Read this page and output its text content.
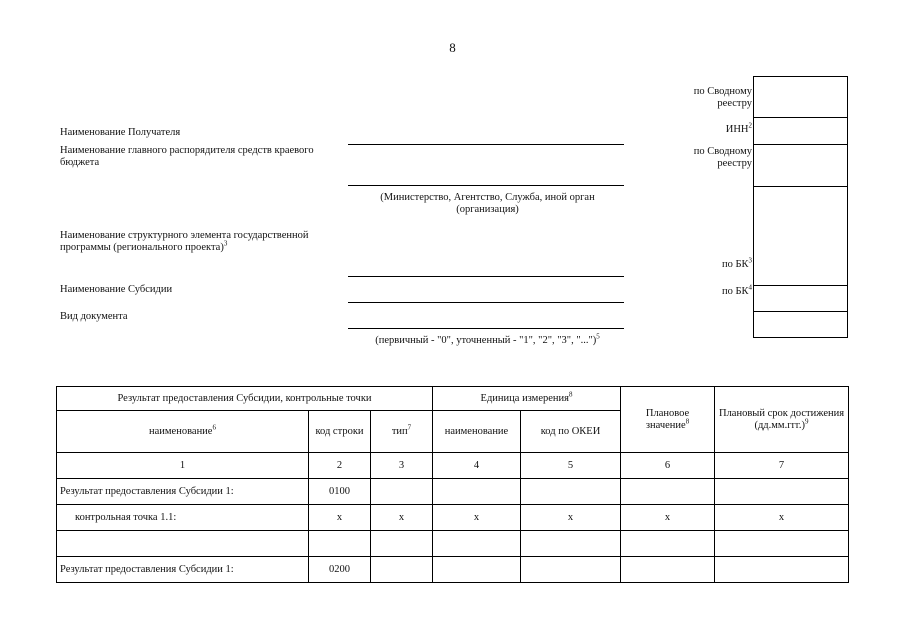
8
Наименование Получателя
Наименование главного распорядителя средств краевого бюджета
Наименование структурного элемента государственной программы (регионального проекта)$^3$
Наименование Субсидии
Вид документа
(Министерство, Агентство, Служба, иной орган (организация)
(первичный - "0", уточненный - "1", "2", "3", "...")$^5$
по Сводному реестру
ИНН$^2$
по Сводному реестру
по $БК^3$
по $БК^4$
Результат предоставления Субсидии, контрольные точки			Единица измерения$^8$		Плановое значение$^8$	Плановый срок достижения $(дд.мм.ггг.)^9$
наименование$^6$	код строки	тип$^7$	наименование	код по ОКЕИ		
1	2	3	4	5	6	7
Результат предоставления Субсидии 1:	0100					
контрольная точка 1.1:	x	x	x	x	x	x

Результат предоставления Субсидии 1:	0200					
